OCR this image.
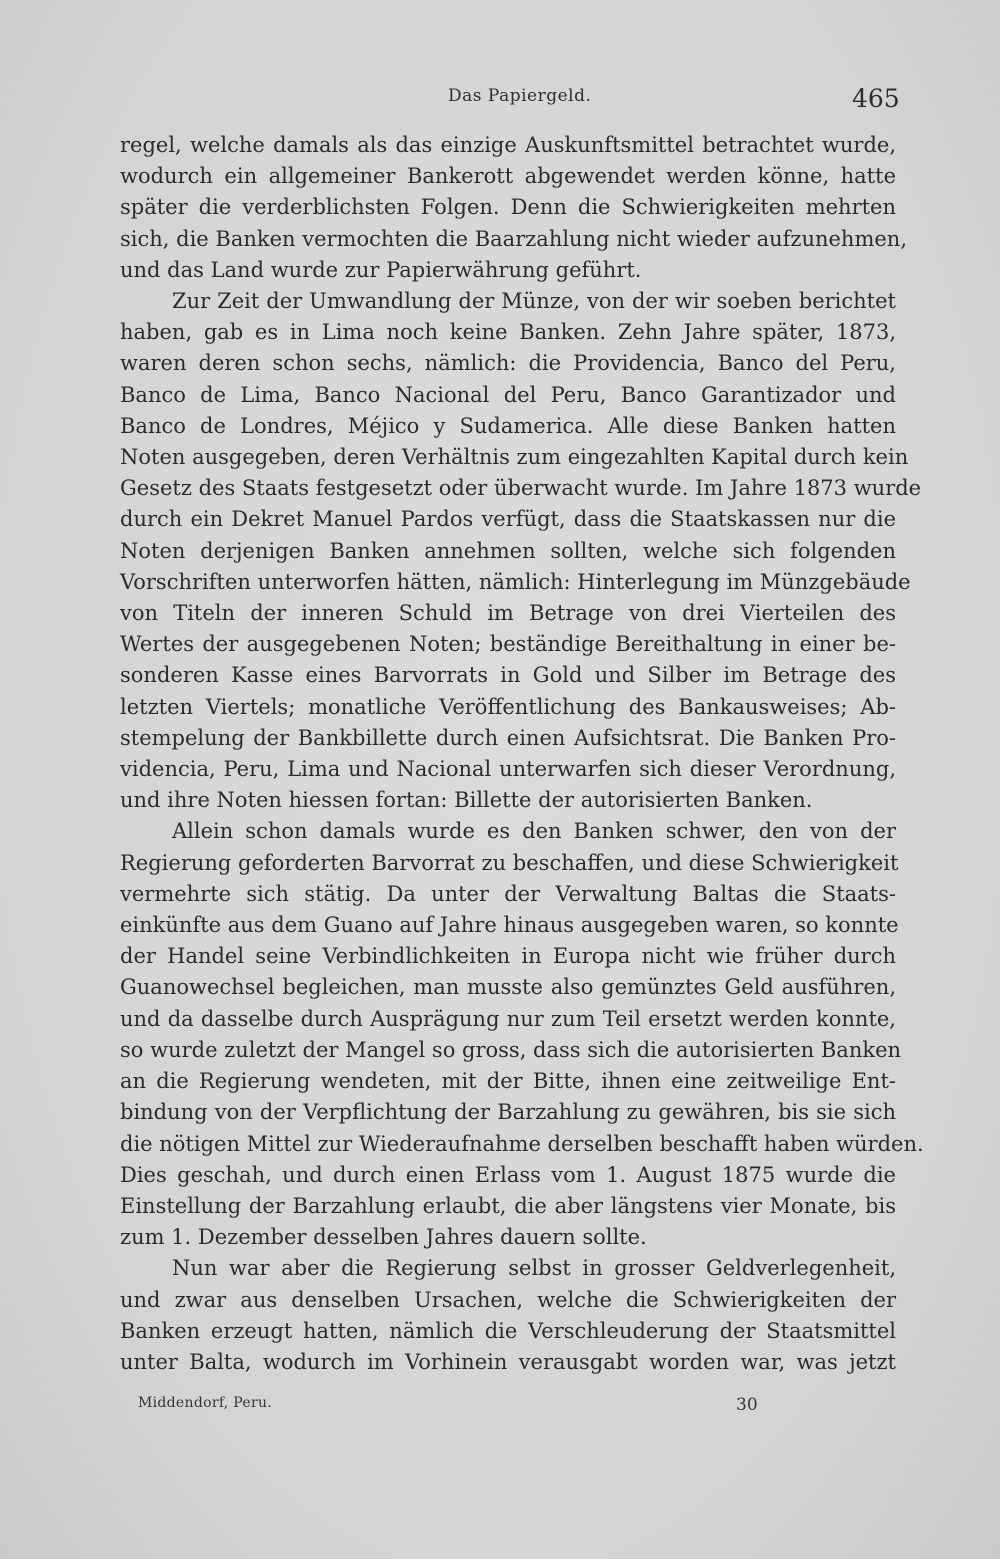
Das Papiergeld.	465
regel, welche damals als das einzige Auskunftsmittel betrachtet wurde,
wodurch ein allgemeiner Bankerott abgewendet werden könne, hatte
später die verderblichsten Folgen. Denn die Schwierigkeiten mehrten
sich, die Banken vermochten die Baarzahlung nicht wieder aufzunehmen,
und das Land wurde zur Papierwährung geführt.
Zur Zeit der Umwandlung der Münze, von der wir soeben berichtet
haben, gab es in Lima noch keine Banken. Zehn Jahre später, 1873,
waren deren schon sechs, nämlich: die Providencia, Banco del Peru,
Banco de Lima, Banco Nacional del Peru, Banco Garantizador und
Banco de Londres, Méjico y Sudamerica. Alle diese Banken hatten
Noten ausgegeben, deren Verhältnis zum eingezahlten Kapital durch kein
Gesetz des Staats festgesetzt oder überwacht wurde. Im Jahre 1873 wurde
durch ein Dekret Manuel Pardos verfügt, dass die Staatskassen nur die
Noten derjenigen Banken annehmen sollten, welche sich folgenden
Vorschriften unterworfen hätten, nämlich: Hinterlegung im Münzgebäude
von Titeln der inneren Schuld im Betrage von drei Vierteilen des
Wertes der ausgegebenen Noten; beständige Bereithaltung in einer be-
sonderen Kasse eines Barvorrats in Gold und Silber im Betrage des
letzten Viertels; monatliche Veröffentlichung des Bankausweises; Ab-
stempelung der Bankbillette durch einen Aufsichtsrat. Die Banken Pro-
videncia, Peru, Lima und Nacional unterwarfen sich dieser Verordnung,
und ihre Noten hiessen fortan: Billette der autorisierten Banken.
Allein schon damals wurde es den Banken schwer, den von der
Regierung geforderten Barvorrat zu beschaffen, und diese Schwierigkeit
vermehrte sich stätig. Da unter der Verwaltung Baltas die Staats-
einkünfte aus dem Guano auf Jahre hinaus ausgegeben waren, so konnte
der Handel seine Verbindlichkeiten in Europa nicht wie früher durch
Guanowechsel begleichen, man musste also gemünztes Geld ausführen,
und da dasselbe durch Ausprägung nur zum Teil ersetzt werden konnte,
so wurde zuletzt der Mangel so gross, dass sich die autorisierten Banken
an die Regierung wendeten, mit der Bitte, ihnen eine zeitweilige Ent-
bindung von der Verpflichtung der Barzahlung zu gewähren, bis sie sich
die nötigen Mittel zur Wiederaufnahme derselben beschafft haben würden.
Dies geschah, und durch einen Erlass vom 1. August 1875 wurde die
Einstellung der Barzahlung erlaubt, die aber längstens vier Monate, bis
zum 1. Dezember desselben Jahres dauern sollte.
Nun war aber die Regierung selbst in grosser Geldverlegenheit,
und zwar aus denselben Ursachen, welche die Schwierigkeiten der
Banken erzeugt hatten, nämlich die Verschleuderung der Staatsmittel
unter Balta, wodurch im Vorhinein verausgabt worden war, was jetzt
Middendorf, Peru.	30
